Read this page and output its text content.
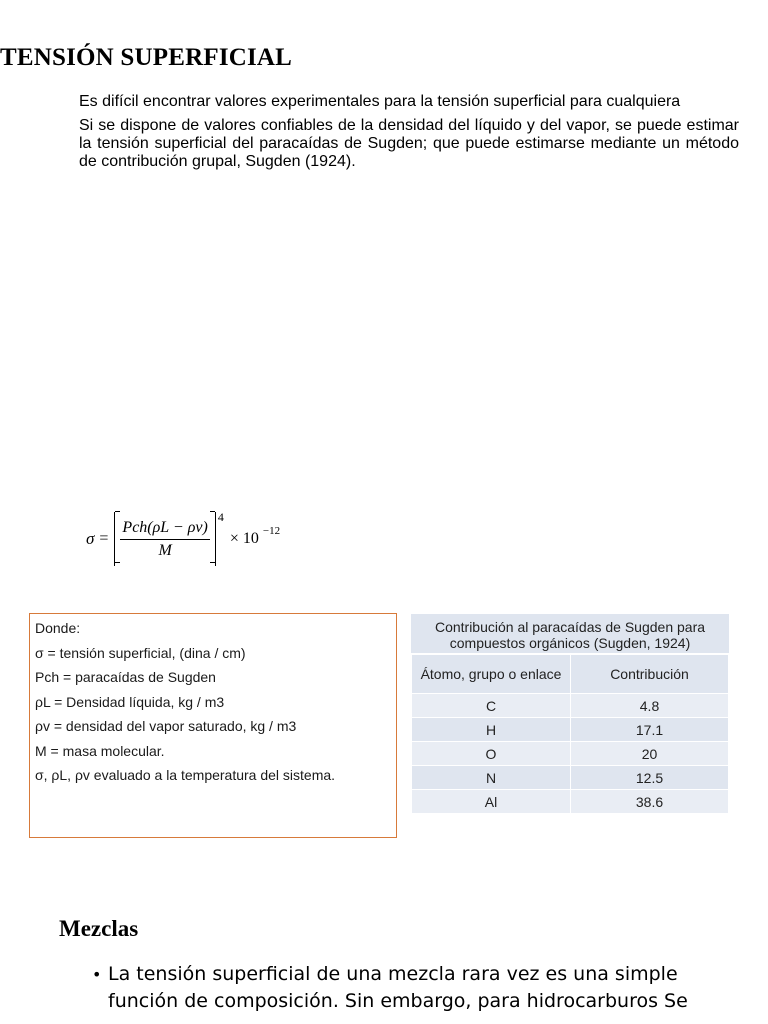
TENSIÓN SUPERFICIAL

Es difícil encontrar valores experimentales para la tensión superficial para cualquiera

Si se dispone de valores confiables de la densidad del líquido y del vapor, se puede estimar la tensión superficial del paracaídas de Sugden; que puede estimarse mediante un método de contribución grupal, Sugden (1924).

$\sigma = \frac{\text{Pch(ρL − ρv)}}{M}$
4
× 10 −12
Donde:
σ = tensión superficial, (dina / cm)
Pch = paracaídas de Sugden
ρL = Densidad líquida, kg / m3
ρv = densidad del vapor saturado, kg / m3
M = masa molecular.
σ, ρL, ρv evaluado a la temperatura del sistema.
Contribución al paracaídas de Sugden para compuestos orgánicos (Sugden, 1924)
Átomo, grupo o enlace	Contribución
C	4.8
H	17.1
O	20
N	12.5
Al	38.6
Mezclas
• La tensión superficial de una mezcla rara vez es una simple función de composición. Sin embargo, para hidrocarburos Se
